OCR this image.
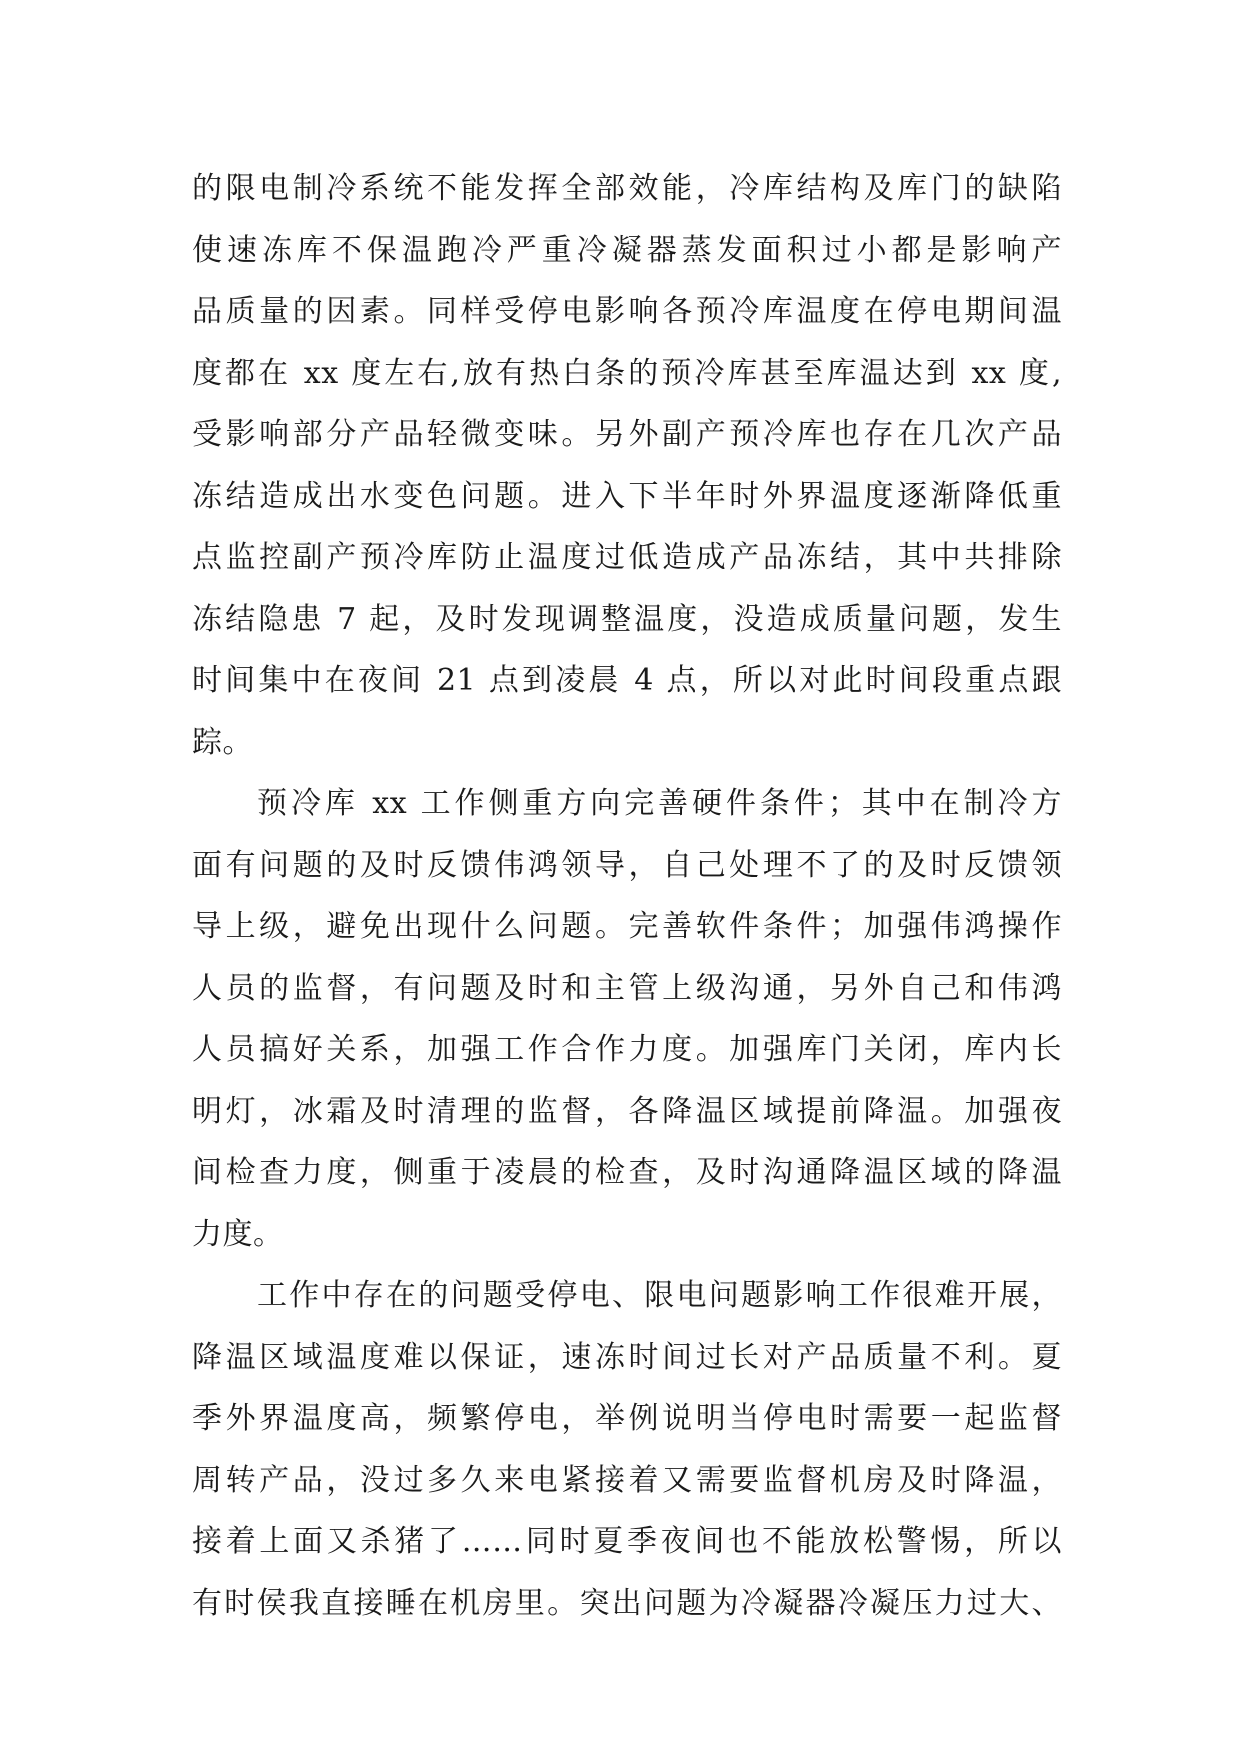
的限电制冷系统不能发挥全部效能，冷库结构及库门的缺陷
使速冻库不保温跑冷严重冷凝器蒸发面积过小都是影响产
品质量的因素。同样受停电影响各预冷库温度在停电期间温
度都在 xx 度左右,放有热白条的预冷库甚至库温达到 xx 度,
受影响部分产品轻微变味。另外副产预冷库也存在几次产品
冻结造成出水变色问题。进入下半年时外界温度逐渐降低重
点监控副产预冷库防止温度过低造成产品冻结，其中共排除
冻结隐患 7 起，及时发现调整温度，没造成质量问题，发生
时间集中在夜间 21 点到凌晨 4 点，所以对此时间段重点跟
踪。
预冷库 xx 工作侧重方向完善硬件条件；其中在制冷方
面有问题的及时反馈伟鸿领导，自己处理不了的及时反馈领
导上级，避免出现什么问题。完善软件条件；加强伟鸿操作
人员的监督，有问题及时和主管上级沟通，另外自己和伟鸿
人员搞好关系，加强工作合作力度。加强库门关闭，库内长
明灯，冰霜及时清理的监督，各降温区域提前降温。加强夜
间检查力度，侧重于凌晨的检查，及时沟通降温区域的降温
力度。
工作中存在的问题受停电、限电问题影响工作很难开展，
降温区域温度难以保证，速冻时间过长对产品质量不利。夏
季外界温度高，频繁停电，举例说明当停电时需要一起监督
周转产品，没过多久来电紧接着又需要监督机房及时降温，
接着上面又杀猪了……同时夏季夜间也不能放松警惕，所以
有时侯我直接睡在机房里。突出问题为冷凝器冷凝压力过大、
